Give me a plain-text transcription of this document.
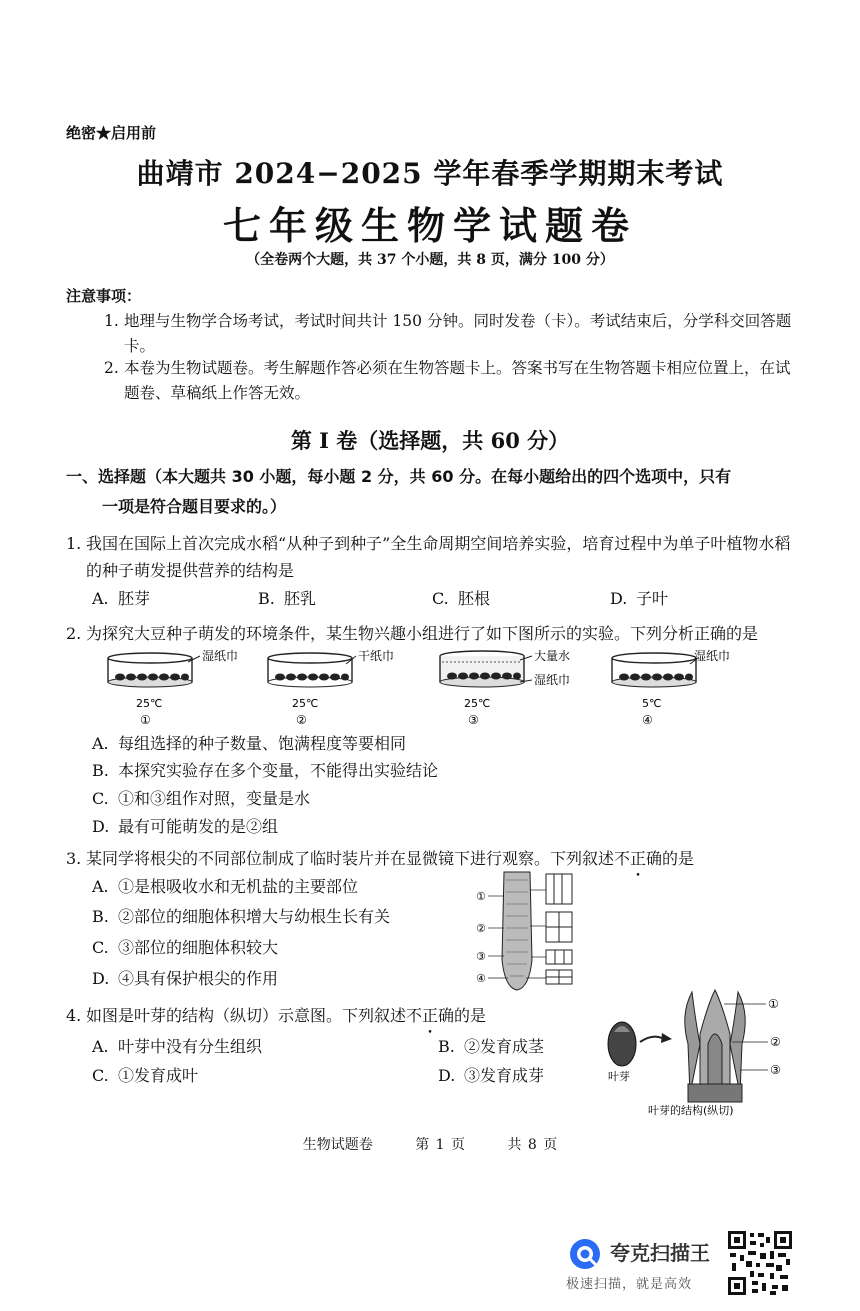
绝密★启用前
曲靖市 2024−2025 学年春季学期期末考试
七年级生物学试题卷
（全卷两个大题，共 37 个小题，共 8 页，满分 100 分）
注意事项：
1. 地理与生物学合场考试，考试时间共计 150 分钟。同时发卷（卡）。考试结束后，分学科交回答题卡。
2. 本卷为生物试题卷。考生解题作答必须在生物答题卡上。答案书写在生物答题卡相应位置上，在试题卷、草稿纸上作答无效。
第 I 卷（选择题，共 60 分）
一、选择题（本大题共 30 小题，每小题 2 分，共 60 分。在每小题给出的四个选项中，只有
一项是符合题目要求的。）
1. 我国在国际上首次完成水稻“从种子到种子”全生命周期空间培养实验，培育过程中为单子叶植物水稻的种子萌发提供营养的结构是
A. 胚芽	B. 胚乳	C. 胚根	D. 子叶
2. 为探究大豆种子萌发的环境条件，某生物兴趣小组进行了如下图所示的实验。下列分析正确的是
湿纸巾
25℃
①
干纸巾
25℃
②
大量水
湿纸巾
25℃
③
湿纸巾
5℃
④
A. 每组选择的种子数量、饱满程度等要相同
B. 本探究实验存在多个变量，不能得出实验结论
C. ①和③组作对照，变量是水
D. 最有可能萌发的是②组
3. 某同学将根尖的不同部位制成了临时装片并在显微镜下进行观察。下列叙述不正确的是
A. ①是根吸收水和无机盐的主要部位
B. ②部位的细胞体积增大与幼根生长有关
C. ③部位的细胞体积较大
D. ④具有保护根尖的作用
①
②
③
④
4. 如图是叶芽的结构（纵切）示意图。下列叙述不正确的是
A. 叶芽中没有分生组织	B. ②发育成茎
C. ①发育成叶	D. ③发育成芽
①
②
③
叶芽
叶芽的结构(纵切)
生物试题卷	第 1 页	共 8 页
夸克扫描王
极速扫描，就是高效
